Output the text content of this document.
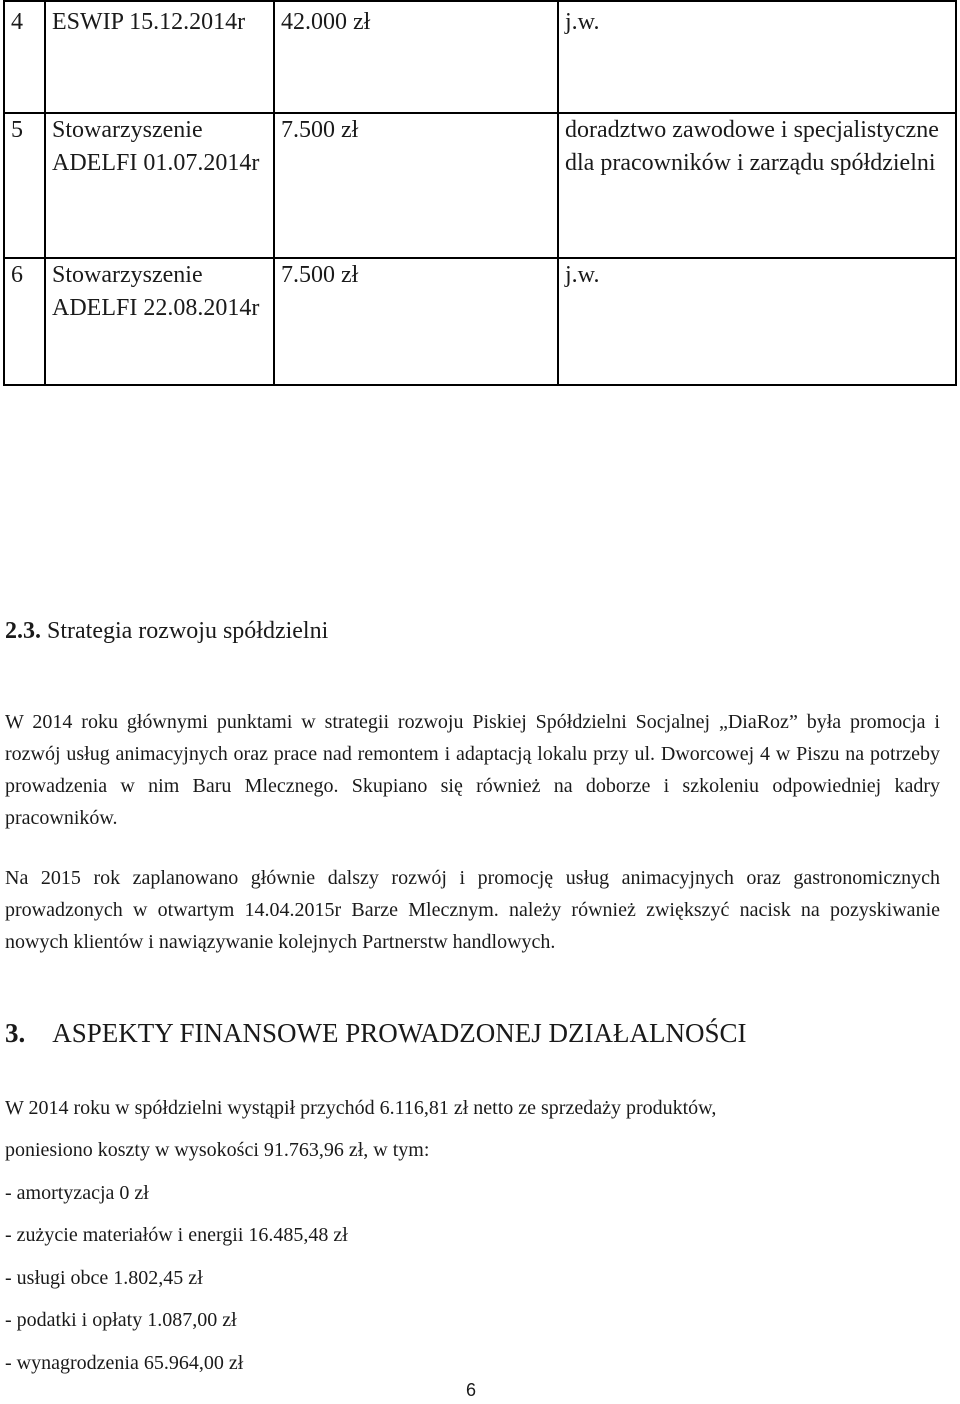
4	ESWIP 15.12.2014r	42.000 zł	j.w.
5	Stowarzyszenie ADELFI 01.07.2014r	7.500 zł	doradztwo zawodowe i specjalistyczne dla pracowników i zarządu spółdzielni
6	Stowarzyszenie ADELFI 22.08.2014r	7.500 zł	j.w.
2.3. Strategia rozwoju spółdzielni

W 2014 roku głównymi punktami w strategii rozwoju Piskiej Spółdzielni Socjalnej „DiaRoz” była promocja i rozwój usług animacyjnych oraz prace nad remontem i adaptacją lokalu przy ul. Dworcowej 4 w Piszu na potrzeby prowadzenia w nim Baru Mlecznego. Skupiano się również na doborze i szkoleniu odpowiedniej kadry pracowników.

Na 2015 rok zaplanowano głównie dalszy rozwój i promocję usług animacyjnych oraz gastronomicznych prowadzonych w otwartym 14.04.2015r Barze Mlecznym. należy również zwiększyć nacisk na pozyskiwanie nowych klientów i nawiązywanie kolejnych Partnerstw handlowych.

3. ASPEKTY FINANSOWE PROWADZONEJ DZIAŁALNOŚCI
W 2014 roku w spółdzielni wystąpił przychód 6.116,81 zł netto ze sprzedaży produktów,
poniesiono koszty w wysokości 91.763,96 zł, w tym:
- amortyzacja 0 zł
- zużycie materiałów i energii 16.485,48 zł
- usługi obce 1.802,45 zł
- podatki i opłaty 1.087,00 zł
- wynagrodzenia 65.964,00 zł
6
